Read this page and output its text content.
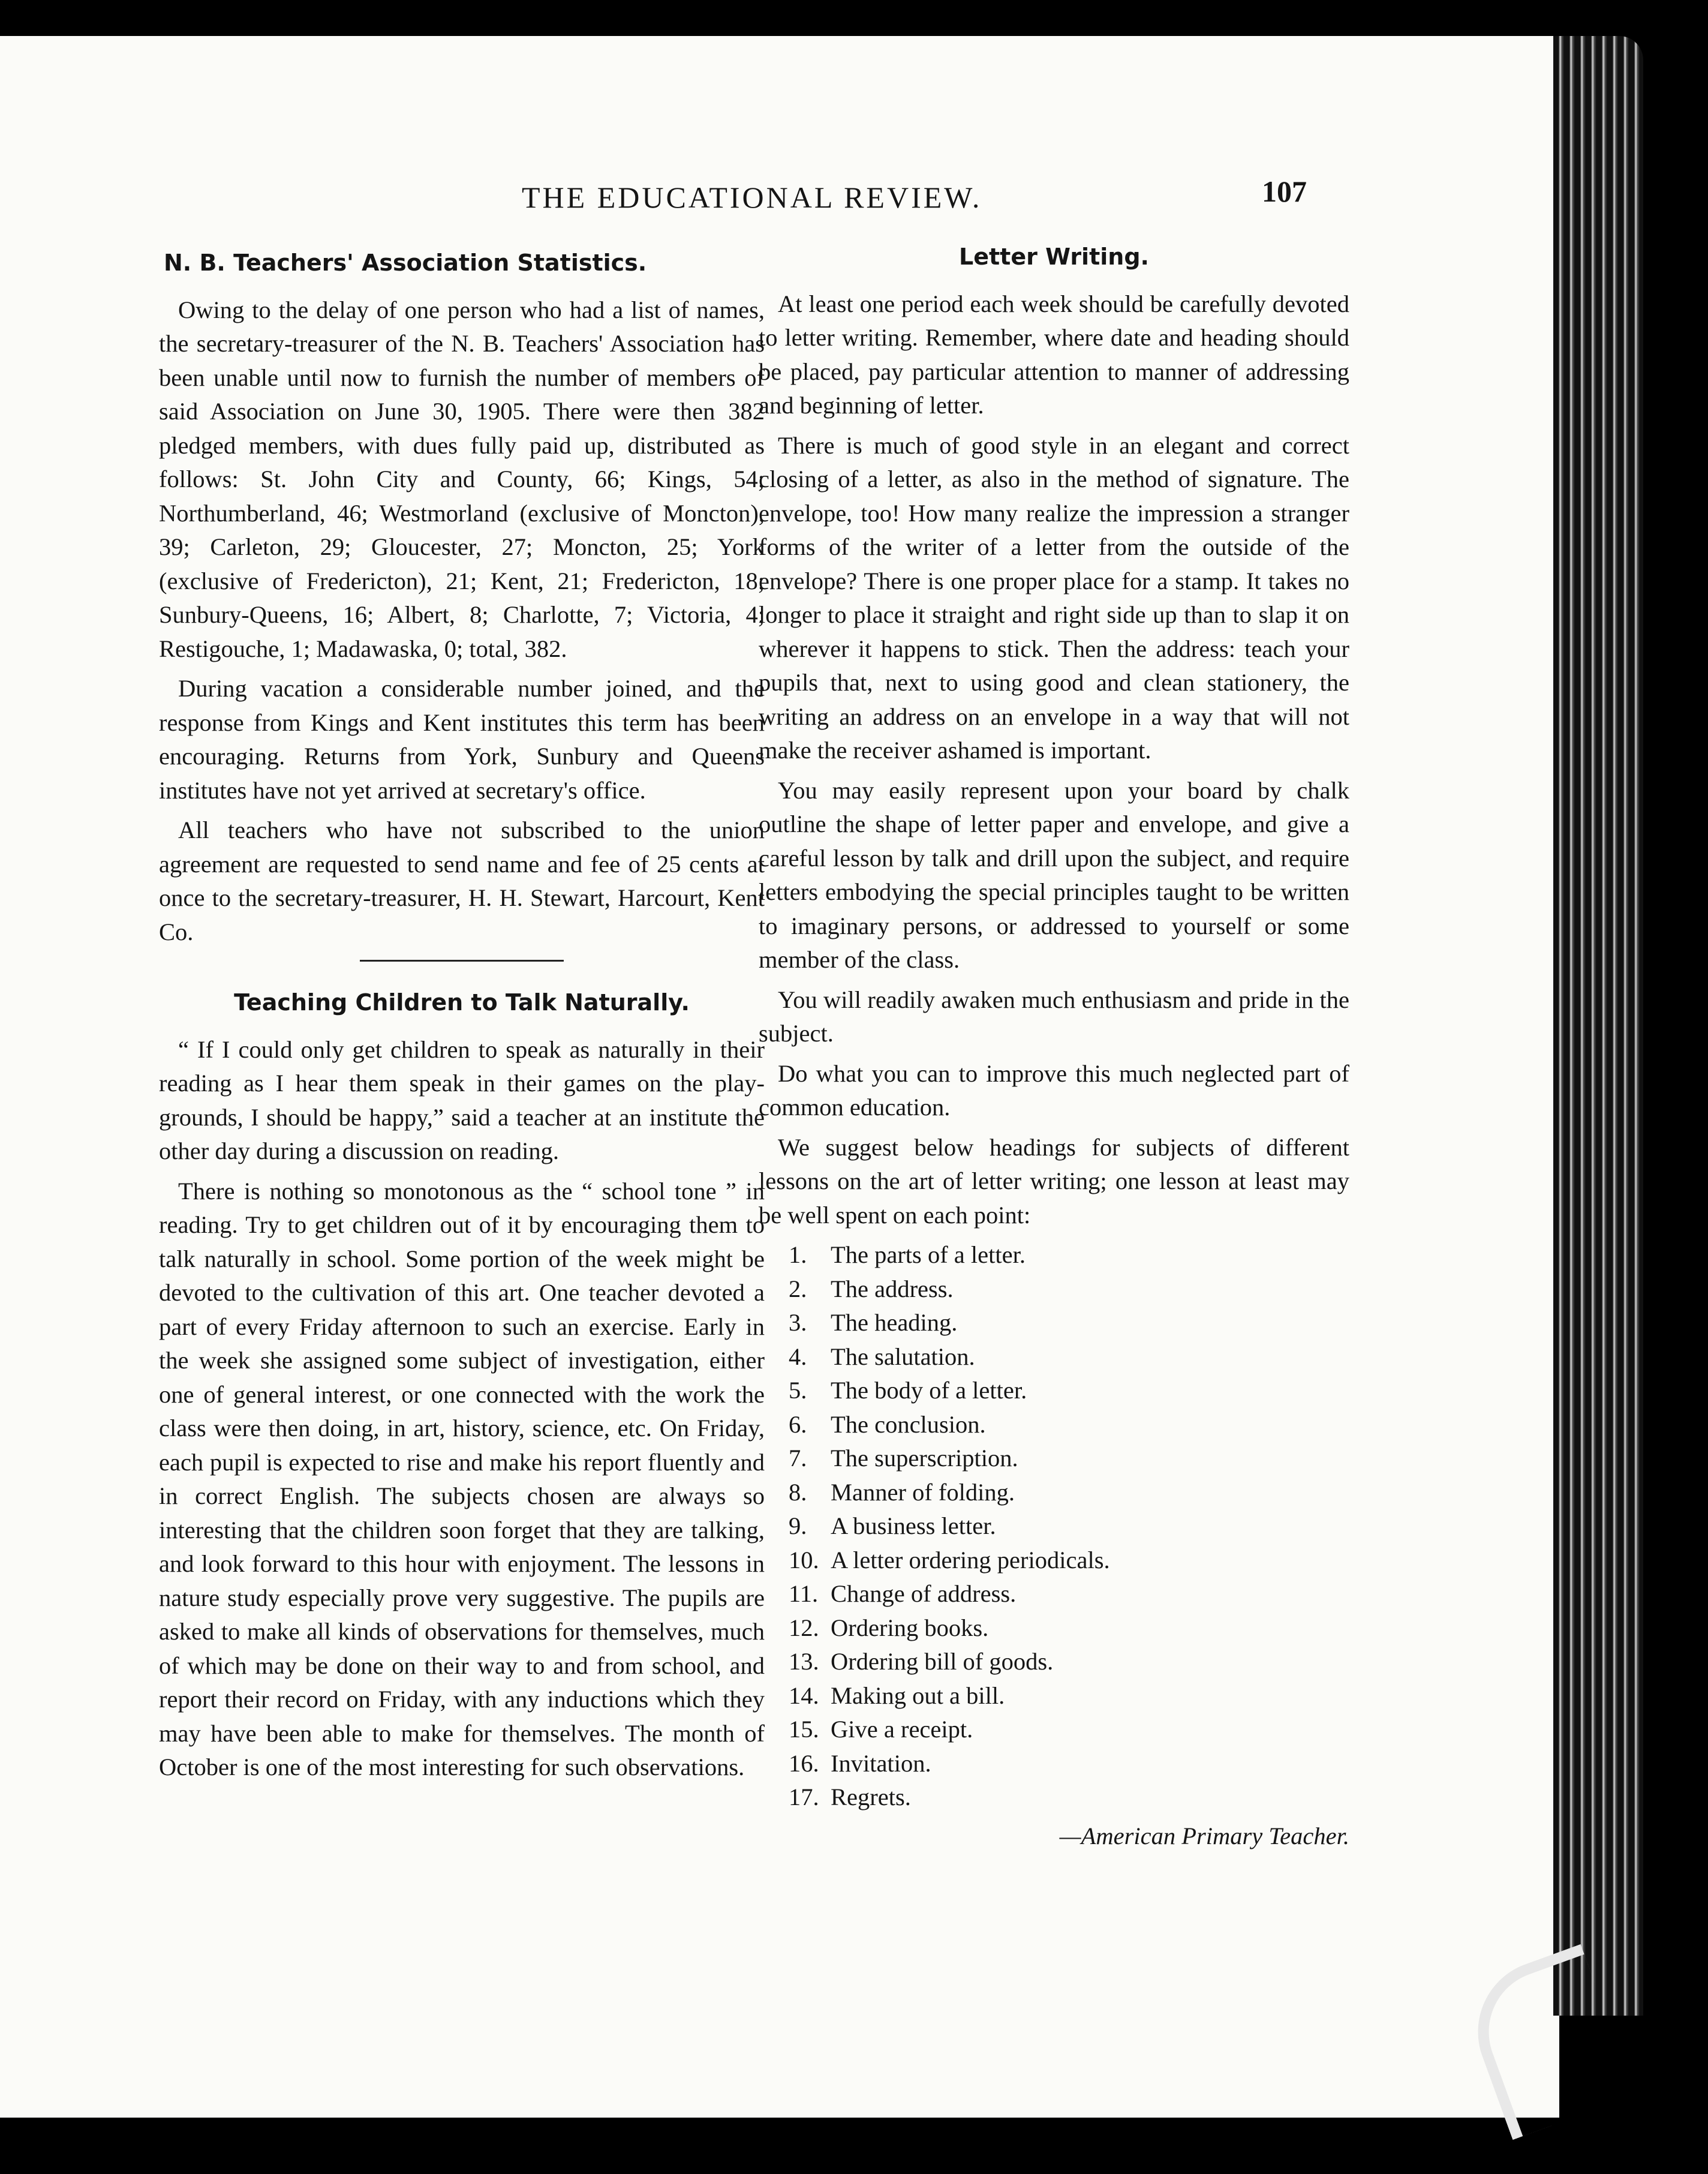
THE EDUCATIONAL REVIEW.	107
N. B. Teachers' Association Statistics.

Owing to the delay of one person who had a list of names, the secretary-treasurer of the N. B. Teachers' Association has been unable until now to furnish the number of members of said Association on June 30, 1905. There were then 382 pledged members, with dues fully paid up, distributed as follows: St. John City and County, 66; Kings, 54; Northumberland, 46; Westmorland (exclusive of Moncton), 39; Carleton, 29; Gloucester, 27; Moncton, 25; York (exclusive of Fredericton), 21; Kent, 21; Fredericton, 18; Sunbury-Queens, 16; Albert, 8; Charlotte, 7; Victoria, 4; Restigouche, 1; Madawaska, 0; total, 382.

During vacation a considerable number joined, and the response from Kings and Kent institutes this term has been encouraging. Returns from York, Sunbury and Queens institutes have not yet arrived at secretary's office.

All teachers who have not subscribed to the union agreement are requested to send name and fee of 25 cents at once to the secretary-treasurer, H. H. Stewart, Harcourt, Kent Co.

Teaching Children to Talk Naturally.

“ If I could only get children to speak as naturally in their reading as I hear them speak in their games on the play-grounds, I should be happy,” said a teacher at an institute the other day during a discussion on reading.

There is nothing so monotonous as the “ school tone ” in reading. Try to get children out of it by encouraging them to talk naturally in school. Some portion of the week might be devoted to the cultivation of this art. One teacher devoted a part of every Friday afternoon to such an exercise. Early in the week she assigned some subject of investigation, either one of general interest, or one connected with the work the class were then doing, in art, history, science, etc. On Friday, each pupil is expected to rise and make his report fluently and in correct English. The subjects chosen are always so interesting that the children soon forget that they are talking, and look forward to this hour with enjoyment. The lessons in nature study especially prove very suggestive. The pupils are asked to make all kinds of observations for themselves, much of which may be done on their way to and from school, and report their record on Friday, with any inductions which they may have been able to make for themselves. The month of October is one of the most interesting for such observations.

Letter Writing.

At least one period each week should be carefully devoted to letter writing. Remember, where date and heading should be placed, pay particular attention to manner of addressing and beginning of letter.

There is much of good style in an elegant and correct closing of a letter, as also in the method of signature. The envelope, too! How many realize the impression a stranger forms of the writer of a letter from the outside of the envelope? There is one proper place for a stamp. It takes no longer to place it straight and right side up than to slap it on wherever it happens to stick. Then the address: teach your pupils that, next to using good and clean stationery, the writing an address on an envelope in a way that will not make the receiver ashamed is important.

You may easily represent upon your board by chalk outline the shape of letter paper and envelope, and give a careful lesson by talk and drill upon the subject, and require letters embodying the special principles taught to be written to imaginary persons, or addressed to yourself or some member of the class.

You will readily awaken much enthusiasm and pride in the subject.

Do what you can to improve this much neglected part of common education.

We suggest below headings for subjects of different lessons on the art of letter writing; one lesson at least may be well spent on each point:

1. The parts of a letter.
2. The address.
3. The heading.
4. The salutation.
5. The body of a letter.
6. The conclusion.
7. The superscription.
8. Manner of folding.
9. A business letter.
10. A letter ordering periodicals.
11. Change of address.
12. Ordering books.
13. Ordering bill of goods.
14. Making out a bill.
15. Give a receipt.
16. Invitation.
17. Regrets.
—American Primary Teacher.
